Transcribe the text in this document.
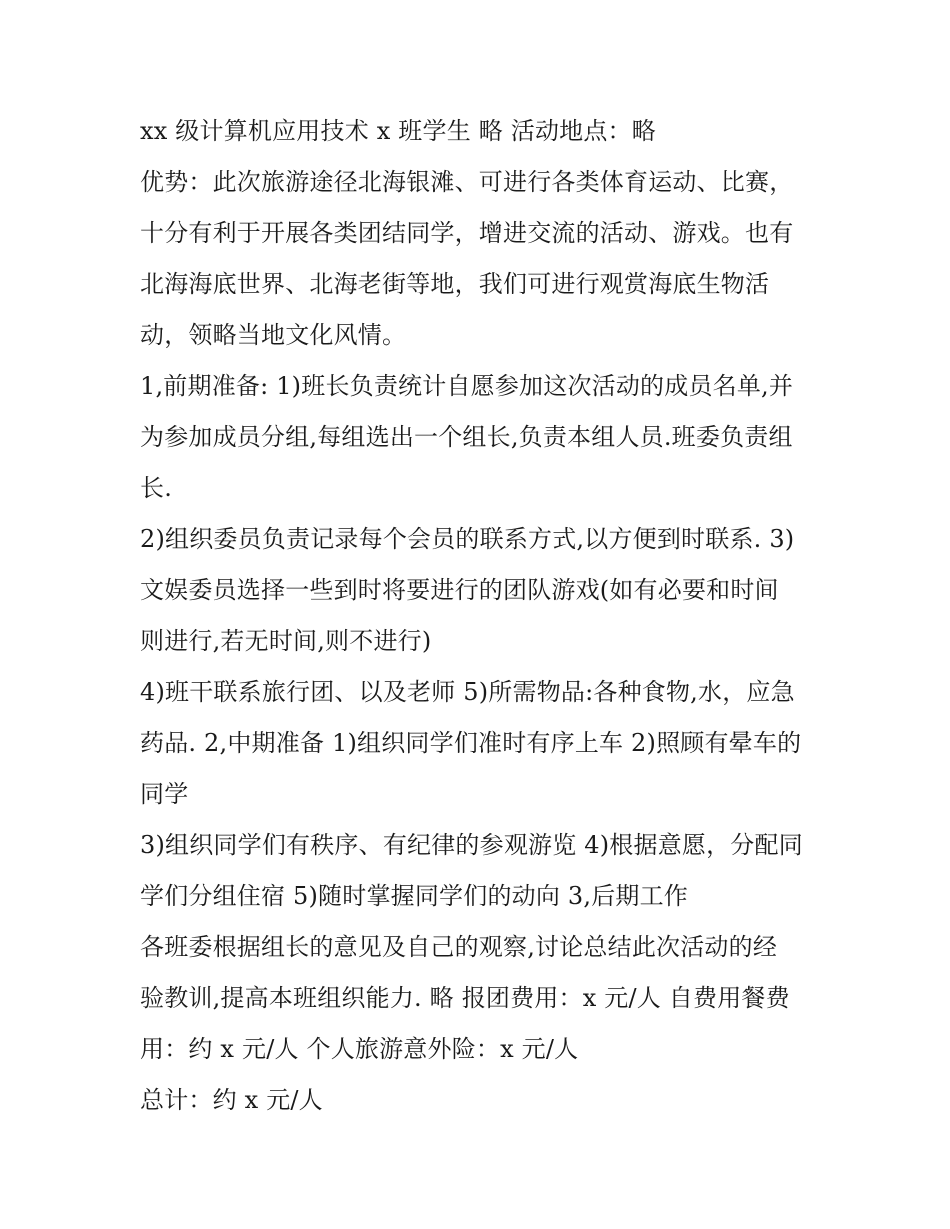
xx 级计算机应用技术 x 班学生 略 活动地点：略
优势：此次旅游途径北海银滩、可进行各类体育运动、比赛，
十分有利于开展各类团结同学，增进交流的活动、游戏。也有
北海海底世界、北海老街等地，我们可进行观赏海底生物活
动，领略当地文化风情。
1,前期准备: 1)班长负责统计自愿参加这次活动的成员名单,并
为参加成员分组,每组选出一个组长,负责本组人员.班委负责组
长.
2)组织委员负责记录每个会员的联系方式,以方便到时联系. 3)
文娱委员选择一些到时将要进行的团队游戏(如有必要和时间
则进行,若无时间,则不进行)
4)班干联系旅行团、以及老师 5)所需物品:各种食物,水，应急
药品. 2,中期准备 1)组织同学们准时有序上车 2)照顾有晕车的
同学
3)组织同学们有秩序、有纪律的参观游览 4)根据意愿，分配同
学们分组住宿 5)随时掌握同学们的动向 3,后期工作
各班委根据组长的意见及自己的观察,讨论总结此次活动的经
验教训,提高本班组织能力. 略 报团费用：x 元/人 自费用餐费
用：约 x 元/人 个人旅游意外险：x 元/人
总计：约 x 元/人
